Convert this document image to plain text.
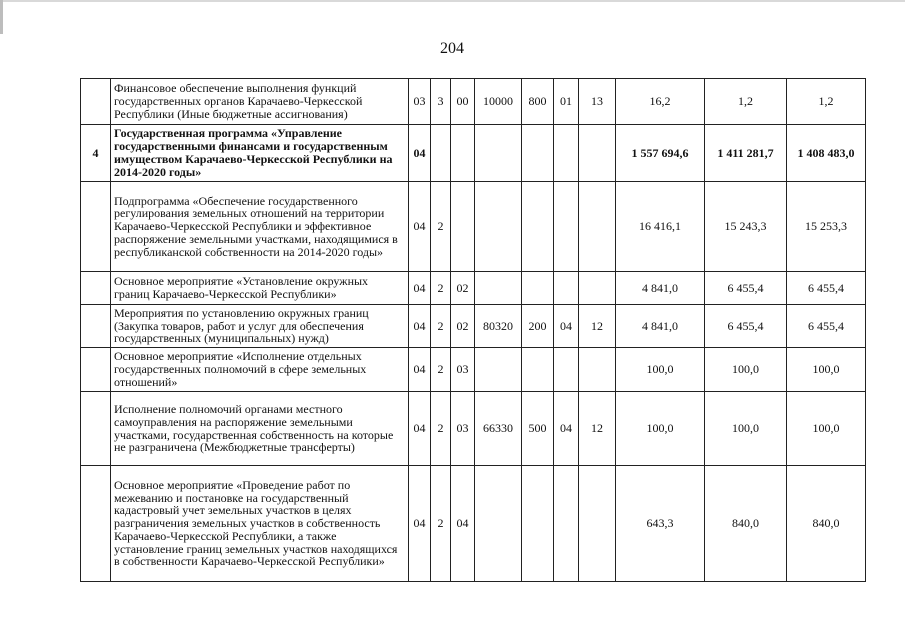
204
	Финансовое обеспечение выполнения функций государственных органов Карачаево-Черкесской Республики (Иные бюджетные ассигнования)	03	3	00	10000	800	01	13	16,2	1,2	1,2
4	Государственная программа «Управление государственными финансами и государственным имуществом Карачаево-Черкесской Республики на 2014-2020 годы»	04							1 557 694,6	1 411 281,7	1 408 483,0
	Подпрограмма «Обеспечение государственного регулирования земельных отношений на территории Карачаево-Черкесской Республики и эффективное распоряжение земельными участками, находящимися в республиканской собственности на 2014-2020 годы»	04	2						16 416,1	15 243,3	15 253,3
	Основное мероприятие «Установление окружных границ Карачаево-Черкесской Республики»	04	2	02					4 841,0	6 455,4	6 455,4
	Мероприятия по установлению окружных границ (Закупка товаров, работ и услуг для обеспечения государственных (муниципальных) нужд)	04	2	02	80320	200	04	12	4 841,0	6 455,4	6 455,4
	Основное мероприятие «Исполнение отдельных государственных полномочий в сфере земельных отношений»	04	2	03					100,0	100,0	100,0
	Исполнение полномочий органами местного самоуправления на распоряжение земельными участками, государственная собственность на которые не разграничена (Межбюджетные трансферты)	04	2	03	66330	500	04	12	100,0	100,0	100,0
	Основное мероприятие «Проведение работ по межеванию и постановке на государственный кадастровый учет земельных участков в целях разграничения земельных участков в собственность Карачаево-Черкесской Республики, а также установление границ земельных участков находящихся в собственности Карачаево-Черкесской Республики»	04	2	04					643,3	840,0	840,0
